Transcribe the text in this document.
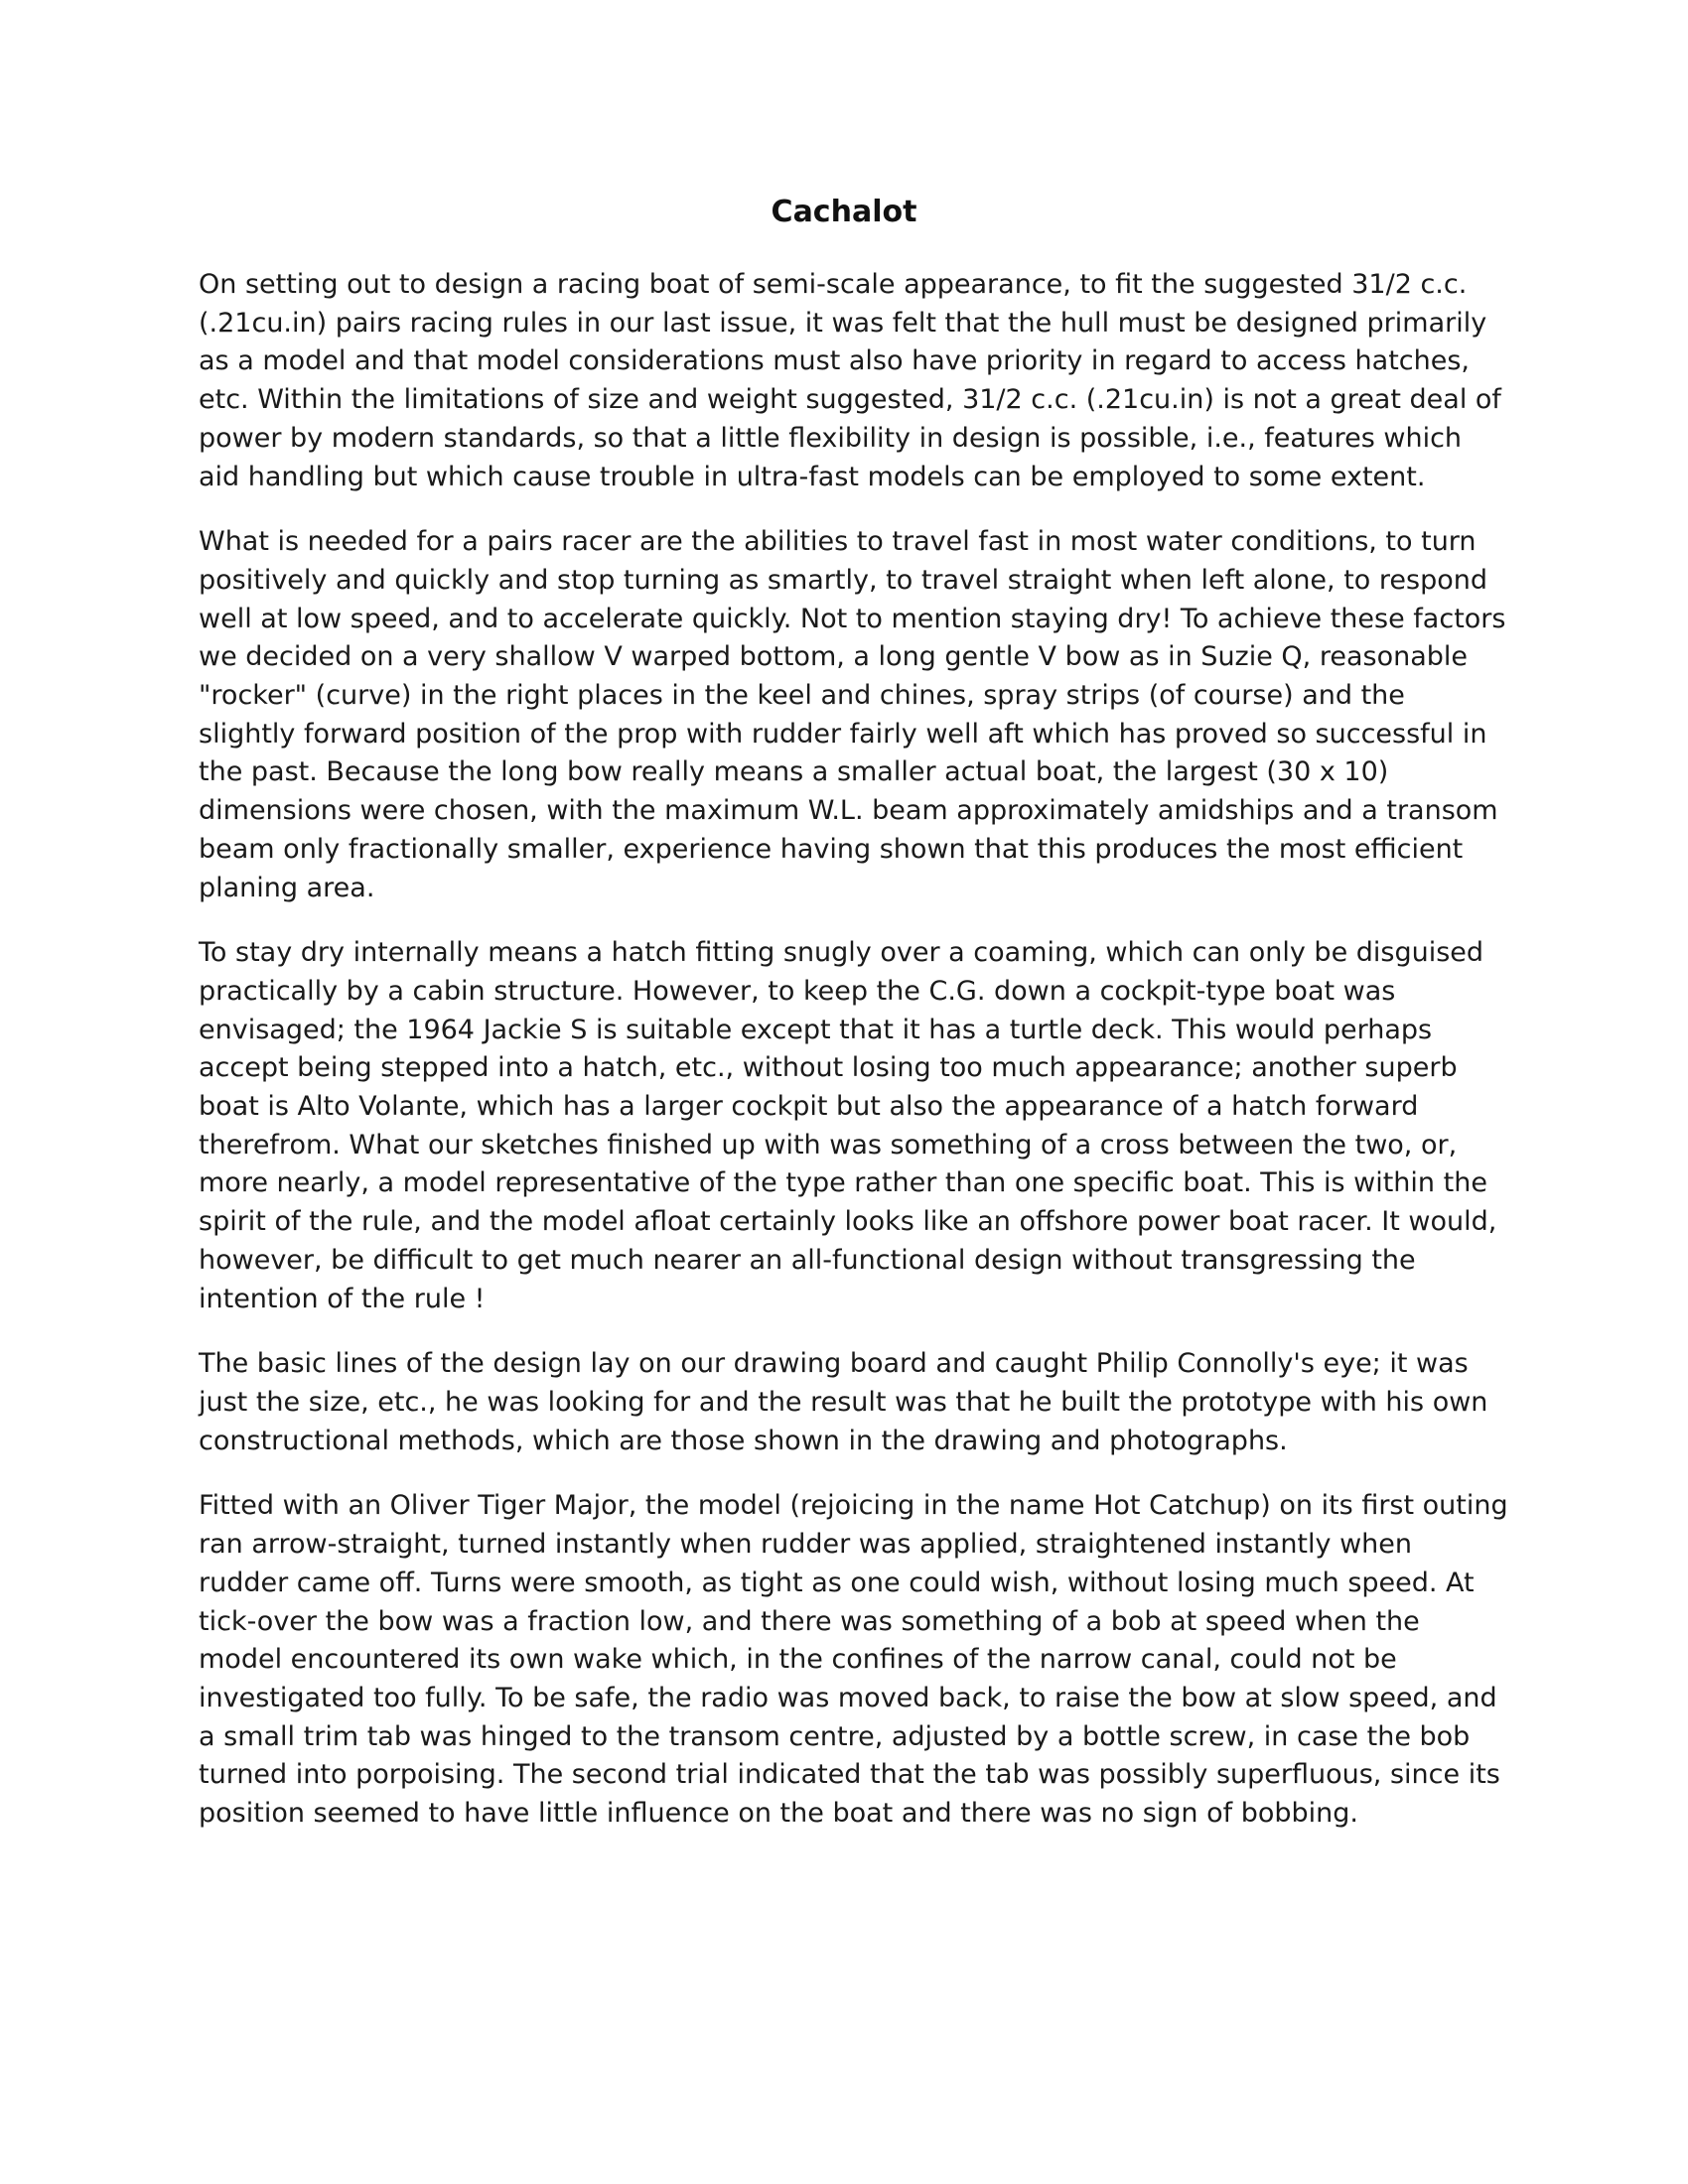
Cachalot

On setting out to design a racing boat of semi-scale appearance, to fit the suggested 31/2 c.c. (.21cu.in) pairs racing rules in our last issue, it was felt that the hull must be designed primarily as a model and that model considerations must also have priority in regard to access hatches, etc. Within the limitations of size and weight suggested, 31/2 c.c. (.21cu.in) is not a great deal of power by modern standards, so that a little flexibility in design is possible, i.e., features which aid handling but which cause trouble in ultra-fast models can be employed to some extent.

What is needed for a pairs racer are the abilities to travel fast in most water conditions, to turn positively and quickly and stop turning as smartly, to travel straight when left alone, to respond well at low speed, and to accelerate quickly. Not to mention staying dry! To achieve these factors we decided on a very shallow V warped bottom, a long gentle V bow as in Suzie Q, reasonable "rocker" (curve) in the right places in the keel and chines, spray strips (of course) and the slightly forward position of the prop with rudder fairly well aft which has proved so successful in the past. Because the long bow really means a smaller actual boat, the largest (30 x 10) dimensions were chosen, with the maximum W.L. beam approximately amidships and a transom beam only fractionally smaller, experience having shown that this produces the most efficient planing area.

To stay dry internally means a hatch fitting snugly over a coaming, which can only be disguised practically by a cabin structure. However, to keep the C.G. down a cockpit-type boat was envisaged; the 1964 Jackie S is suitable except that it has a turtle deck. This would perhaps accept being stepped into a hatch, etc., without losing too much appearance; another superb boat is Alto Volante, which has a larger cockpit but also the appearance of a hatch forward therefrom. What our sketches finished up with was something of a cross between the two, or, more nearly, a model representative of the type rather than one specific boat. This is within the spirit of the rule, and the model afloat certainly looks like an offshore power boat racer. It would, however, be difficult to get much nearer an all-functional design without transgressing the intention of the rule !

The basic lines of the design lay on our drawing board and caught Philip Connolly's eye; it was just the size, etc., he was looking for and the result was that he built the prototype with his own constructional methods, which are those shown in the drawing and photographs.

Fitted with an Oliver Tiger Major, the model (rejoicing in the name Hot Catchup) on its first outing ran arrow-straight, turned instantly when rudder was applied, straightened instantly when rudder came off. Turns were smooth, as tight as one could wish, without losing much speed. At tick-over the bow was a fraction low, and there was something of a bob at speed when the model encountered its own wake which, in the confines of the narrow canal, could not be investigated too fully. To be safe, the radio was moved back, to raise the bow at slow speed, and a small trim tab was hinged to the transom centre, adjusted by a bottle screw, in case the bob turned into porpoising. The second trial indicated that the tab was possibly superfluous, since its position seemed to have little influence on the boat and there was no sign of bobbing.
